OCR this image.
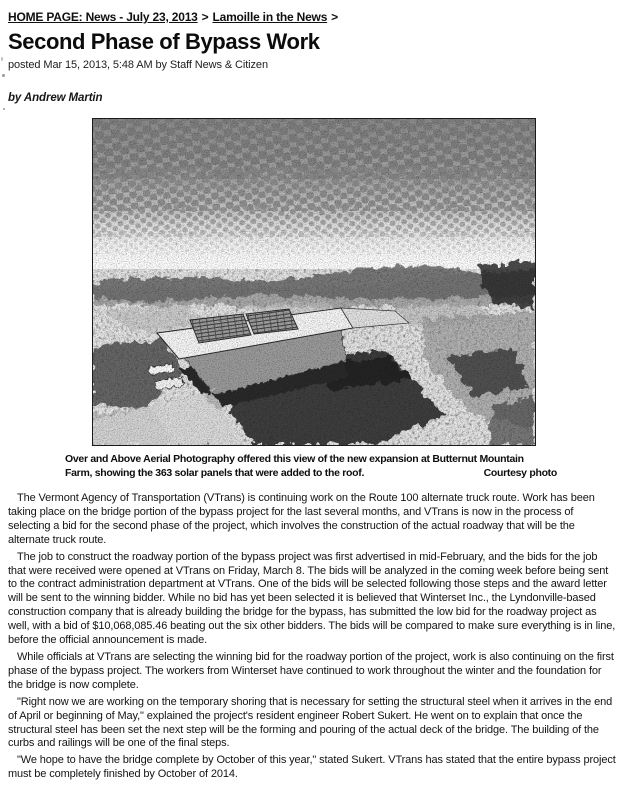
HOME PAGE: News - July 23, 2013 > Lamoille in the News >
Second Phase of Bypass Work
posted Mar 15, 2013, 5:48 AM by Staff News & Citizen
by Andrew Martin
Over and Above Aerial Photography offered this view of the new expansion at Butternut Mountain
Farm, showing the 363 solar panels that were added to the roof.	Courtesy photo

The Vermont Agency of Transportation (VTrans) is continuing work on the Route 100 alternate truck route. Work has been taking place on the bridge portion of the bypass project for the last several months, and VTrans is now in the process of selecting a bid for the second phase of the project, which involves the construction of the actual roadway that will be the alternate truck route.

The job to construct the roadway portion of the bypass project was first advertised in mid-February, and the bids for the job that were received were opened at VTrans on Friday, March 8. The bids will be analyzed in the coming week before being sent to the contract administration department at VTrans. One of the bids will be selected following those steps and the award letter will be sent to the winning bidder. While no bid has yet been selected it is believed that Winterset Inc., the Lyndonville-based construction company that is already building the bridge for the bypass, has submitted the low bid for the roadway project as well, with a bid of $10,068,085.46 beating out the six other bidders. The bids will be compared to make sure everything is in line, before the official announcement is made.

While officials at VTrans are selecting the winning bid for the roadway portion of the project, work is also continuing on the first phase of the bypass project. The workers from Winterset have continued to work throughout the winter and the foundation for the bridge is now complete.

"Right now we are working on the temporary shoring that is necessary for setting the structural steel when it arrives in the end of April or beginning of May," explained the project's resident engineer Robert Sukert. He went on to explain that once the structural steel has been set the next step will be the forming and pouring of the actual deck of the bridge. The building of the curbs and railings will be one of the final steps.

"We hope to have the bridge complete by October of this year," stated Sukert. VTrans has stated that the entire bypass project must be completely finished by October of 2014.
